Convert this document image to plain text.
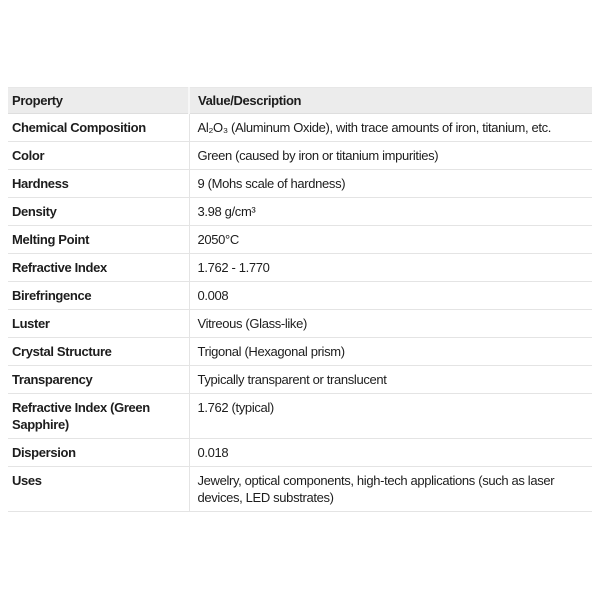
Property	Value/Description
Chemical Composition	Al₂O₃ (Aluminum Oxide), with trace amounts of iron, titanium, etc.
Color	Green (caused by iron or titanium impurities)
Hardness	9 (Mohs scale of hardness)
Density	3.98 g/cm³
Melting Point	2050°C
Refractive Index	1.762 - 1.770
Birefringence	0.008
Luster	Vitreous (Glass-like)
Crystal Structure	Trigonal (Hexagonal prism)
Transparency	Typically transparent or translucent
Refractive Index (Green Sapphire)	1.762 (typical)
Dispersion	0.018
Uses	Jewelry, optical components, high-tech applications (such as laser devices, LED substrates)
